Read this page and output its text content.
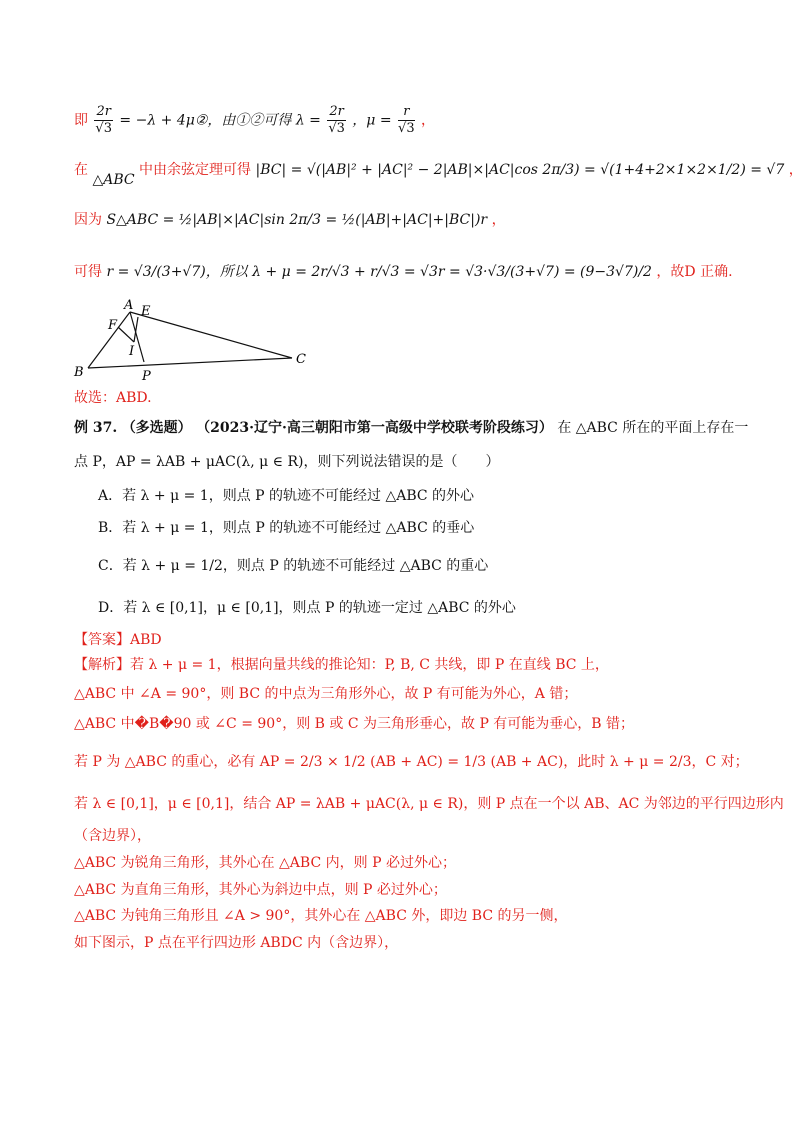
即 $\frac{2r}{√3} = -\lambda$ + 4μ②，由①②可得 $\lambda = \frac{2r}{√3}$ ，$\mu = \frac{r}{√3}$ ，
在 △ABC 中由余弦定理可得 |BC| = √(|AB|² + |AC|² − 2|AB|×|AC|cos 2π/3) = √(1+4+2×1×2×1/2) = √7 ，
因为 S△ABC = ½|AB|×|AC|sin 2π/3 = ½(|AB|+|AC|+|BC|)r ，
可得 r = √3/(3+√7)，所以 λ + μ = 2r/√3 + r/√3 = √3r = √3·√3/(3+√7) = (9−3√7)/2 ，故D 正确.
A E
F
I
B	P
C
故选：ABD.
例 37. （多选题） （2023·辽宁·高三朝阳市第一高级中学校联考阶段练习） 在 △ABC 所在的平面上存在一
点 P，AP = λAB + μAC(λ, μ ∈ R)，则下列说法错误的是（　　）
A．若 λ + μ = 1，则点 P 的轨迹不可能经过 △ABC 的外心
B．若 λ + μ = 1，则点 P 的轨迹不可能经过 △ABC 的垂心
C．若 λ + μ = 1/2，则点 P 的轨迹不可能经过 △ABC 的重心
D．若 λ ∈ [0,1]，μ ∈ [0,1]，则点 P 的轨迹一定过 △ABC 的外心
【答案】ABD
【解析】若 λ + μ = 1，根据向量共线的推论知：P, B, C 共线，即 P 在直线 BC 上，
△ABC 中 ∠A = 90°，则 BC 的中点为三角形外心，故 P 有可能为外心，A 错；
△ABC 中�B�90 或 ∠C = 90°，则 B 或 C 为三角形垂心，故 P 有可能为垂心，B 错；
若 P 为 △ABC 的重心，必有 AP = 2/3 × 1/2 (AB + AC) = 1/3 (AB + AC)，此时 λ + μ = 2/3，C 对；
若 λ ∈ [0,1]，μ ∈ [0,1]，结合 AP = λAB + μAC(λ, μ ∈ R)，则 P 点在一个以 AB、AC 为邻边的平行四边形内
（含边界），
△ABC 为锐角三角形，其外心在 △ABC 内，则 P 必过外心；
△ABC 为直角三角形，其外心为斜边中点，则 P 必过外心；
△ABC 为钝角三角形且 ∠A > 90°，其外心在 △ABC 外，即边 BC 的另一侧，
如下图示，P 点在平行四边形 ABDC 内（含边界），
